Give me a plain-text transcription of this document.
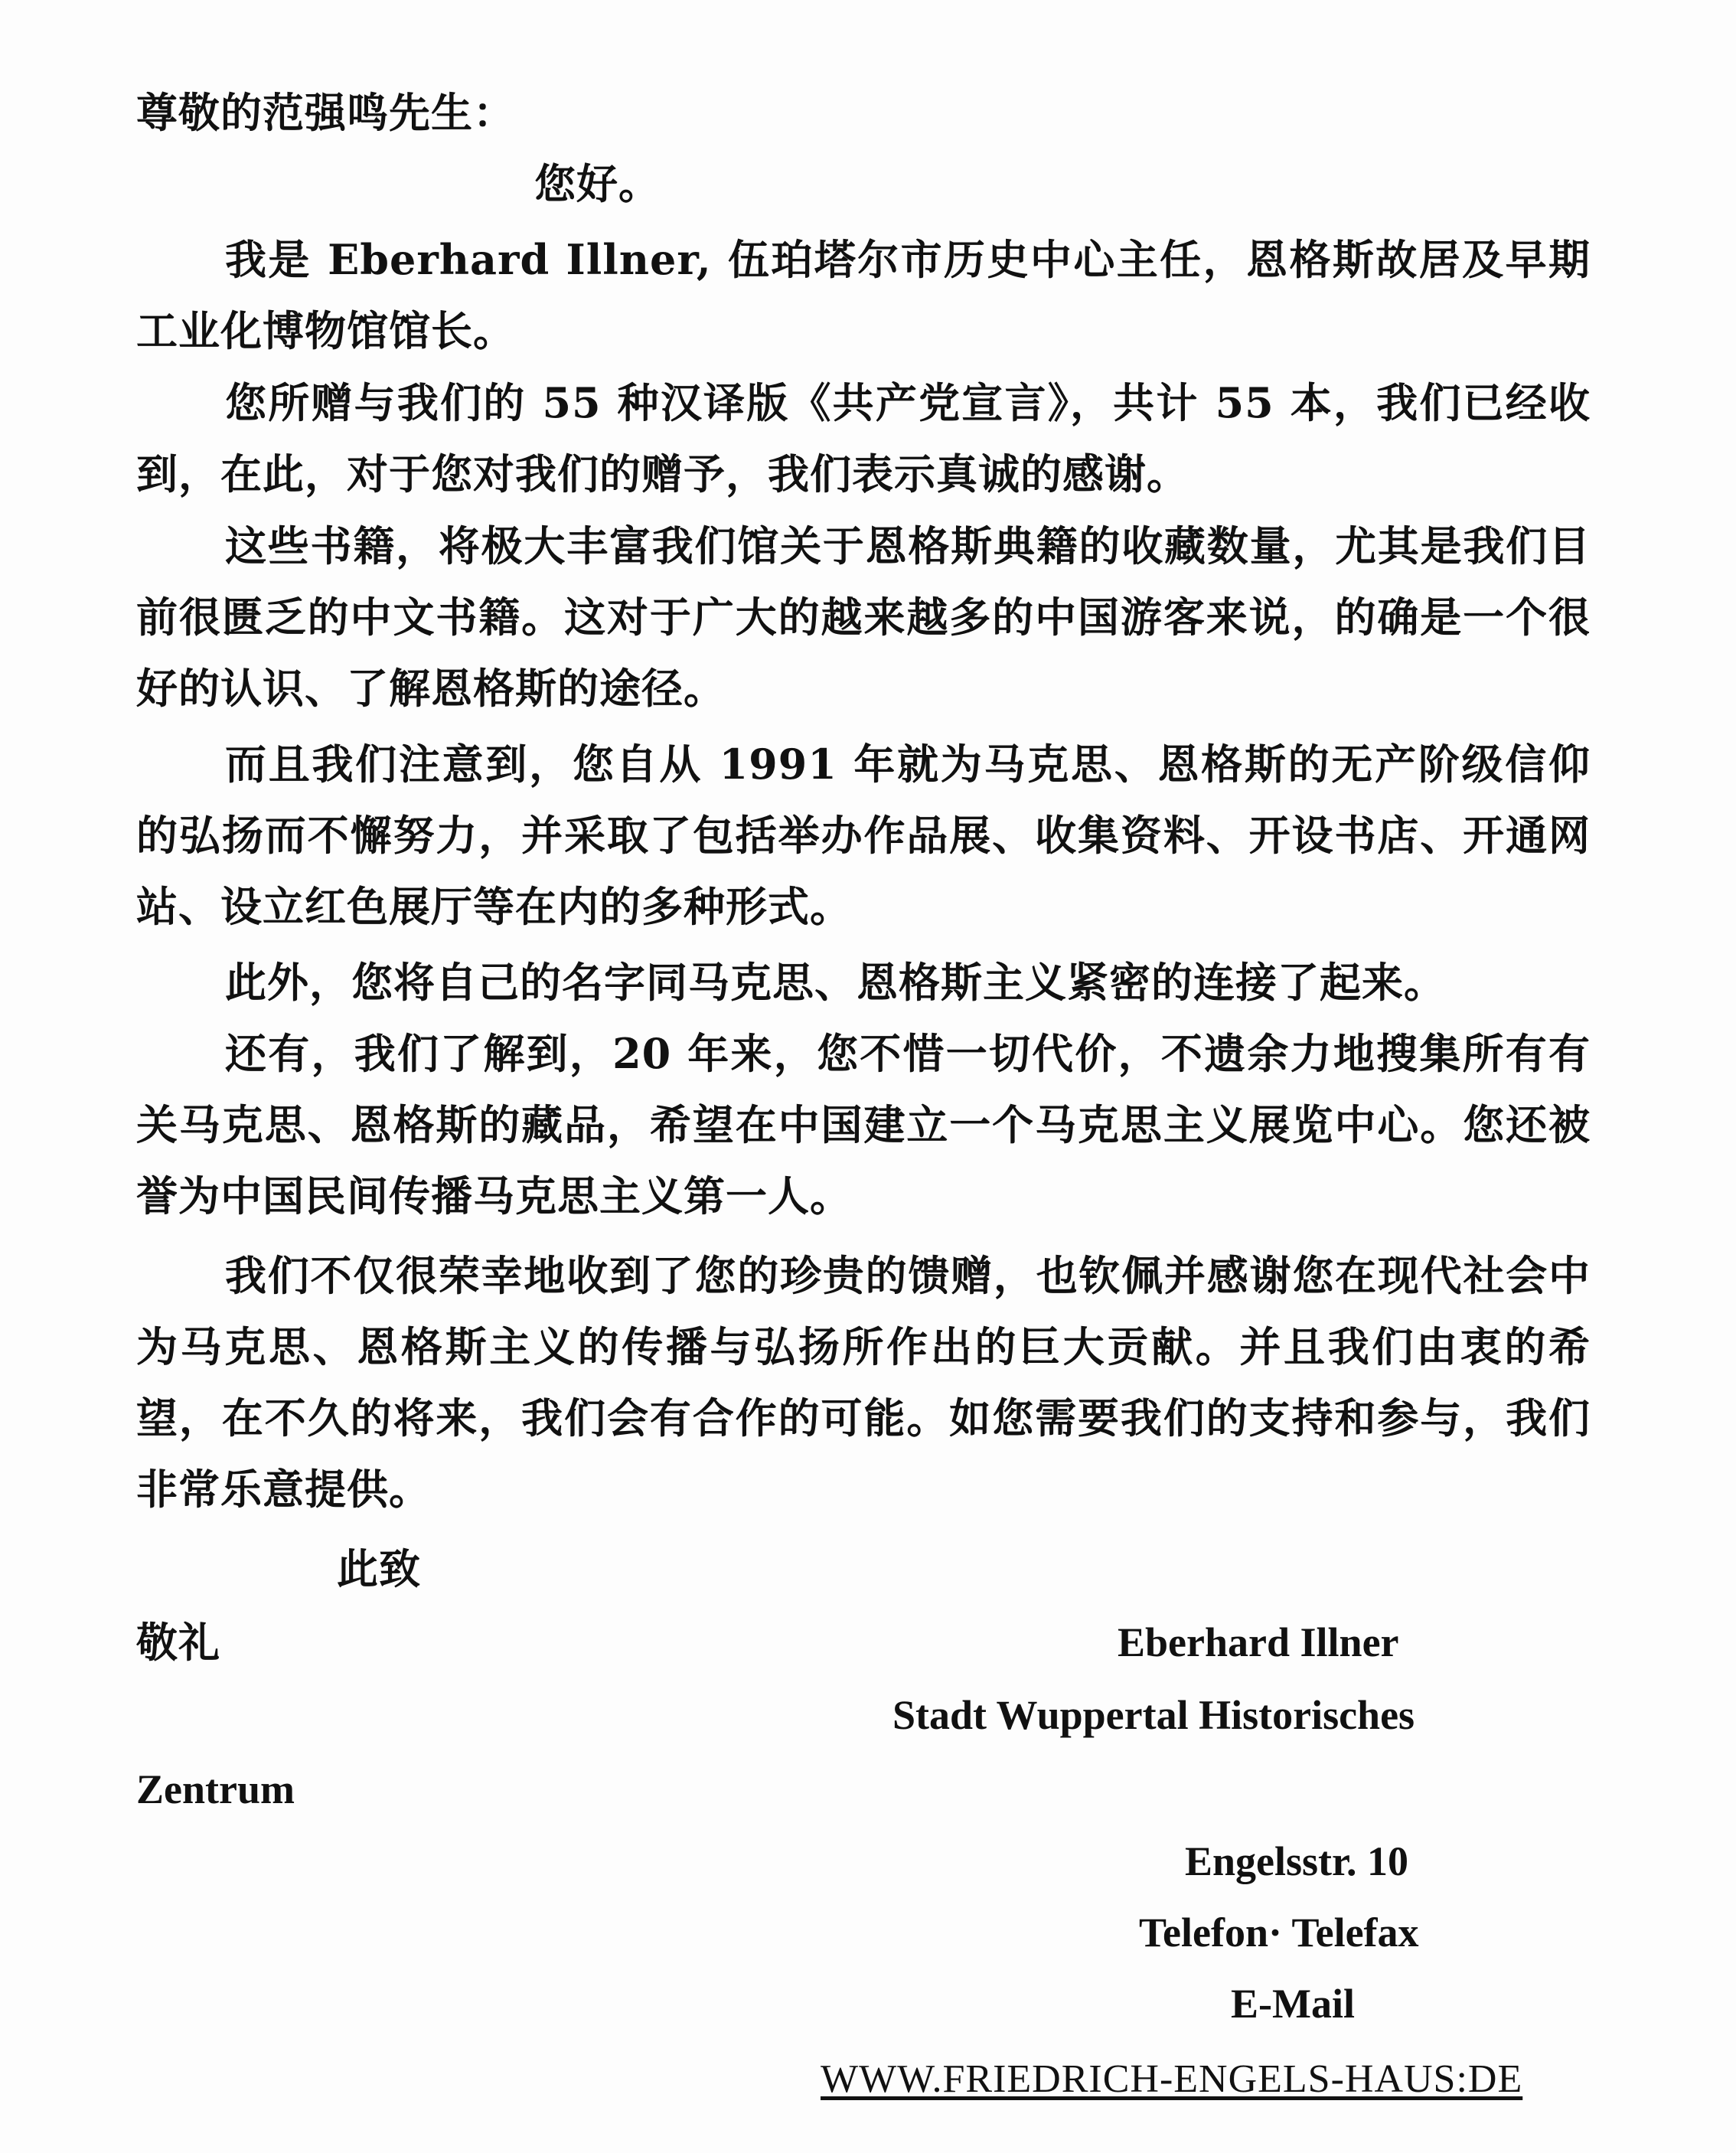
尊敬的范强鸣先生：
您好。
我是 Eberhard Illner, 伍珀塔尔市历史中心主任，恩格斯故居及早期工业化博物馆馆长。
您所赠与我们的 55 种汉译版《共产党宣言》，共计 55 本，我们已经收到，在此，对于您对我们的赠予，我们表示真诚的感谢。
这些书籍，将极大丰富我们馆关于恩格斯典籍的收藏数量，尤其是我们目前很匮乏的中文书籍。这对于广大的越来越多的中国游客来说，的确是一个很好的认识、了解恩格斯的途径。
而且我们注意到，您自从 1991 年就为马克思、恩格斯的无产阶级信仰的弘扬而不懈努力，并采取了包括举办作品展、收集资料、开设书店、开通网站、设立红色展厅等在内的多种形式。
此外，您将自己的名字同马克思、恩格斯主义紧密的连接了起来。
还有，我们了解到，20 年来，您不惜一切代价，不遗余力地搜集所有有关马克思、恩格斯的藏品，希望在中国建立一个马克思主义展览中心。您还被誉为中国民间传播马克思主义第一人。
我们不仅很荣幸地收到了您的珍贵的馈赠，也钦佩并感谢您在现代社会中为马克思、恩格斯主义的传播与弘扬所作出的巨大贡献。并且我们由衷的希望，在不久的将来，我们会有合作的可能。如您需要我们的支持和参与，我们非常乐意提供。
此致
敬礼	Eberhard Illner
Stadt Wuppertal Historisches
Zentrum
Engelsstr. 10
Telefon· Telefax
E-Mail
WWW.FRIEDRICH-ENGELS-HAUS:DE
